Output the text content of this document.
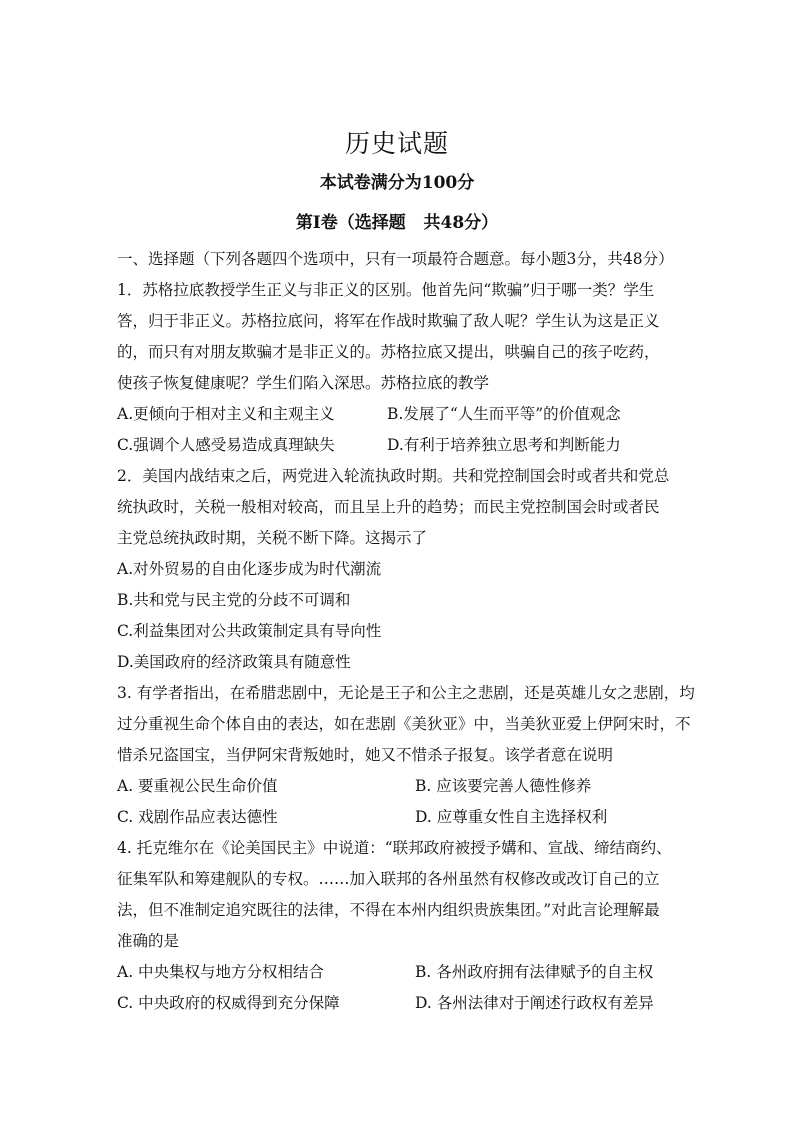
历史试题
本试卷满分为100分
第Ⅰ卷（选择题   共48分）
一、选择题（下列各题四个选项中，只有一项最符合题意。每小题3分，共48分）
1．苏格拉底教授学生正义与非正义的区别。他首先问“欺骗”归于哪一类？学生
答，归于非正义。苏格拉底问，将军在作战时欺骗了敌人呢？学生认为这是正义
的，而只有对朋友欺骗才是非正义的。苏格拉底又提出，哄骗自己的孩子吃药，
使孩子恢复健康呢？学生们陷入深思。苏格拉底的教学
A.更倾向于相对主义和主观主义	B.发展了“人生而平等”的价值观念
C.强调个人感受易造成真理缺失	D.有利于培养独立思考和判断能力
2．美国内战结束之后，两党进入轮流执政时期。共和党控制国会时或者共和党总
统执政时，关税一般相对较高，而且呈上升的趋势；而民主党控制国会时或者民
主党总统执政时期，关税不断下降。这揭示了
A.对外贸易的自由化逐步成为时代潮流
B.共和党与民主党的分歧不可调和
C.利益集团对公共政策制定具有导向性
D.美国政府的经济政策具有随意性
3. 有学者指出，在希腊悲剧中，无论是王子和公主之悲剧，还是英雄儿女之悲剧，均
过分重视生命个体自由的表达，如在悲剧《美狄亚》中，当美狄亚爱上伊阿宋时，不
惜杀兄盗国宝，当伊阿宋背叛她时，她又不惜杀子报复。该学者意在说明
A. 要重视公民生命价值	B. 应该要完善人德性修养
C. 戏剧作品应表达德性	D. 应尊重女性自主选择权利
4. 托克维尔在《论美国民主》中说道：“联邦政府被授予媾和、宣战、缔结商约、
征集军队和筹建舰队的专权。……加入联邦的各州虽然有权修改或改订自己的立
法，但不准制定追究既往的法律，不得在本州内组织贵族集团。”对此言论理解最
准确的是
A. 中央集权与地方分权相结合	B. 各州政府拥有法律赋予的自主权
C. 中央政府的权威得到充分保障	D. 各州法律对于阐述行政权有差异
